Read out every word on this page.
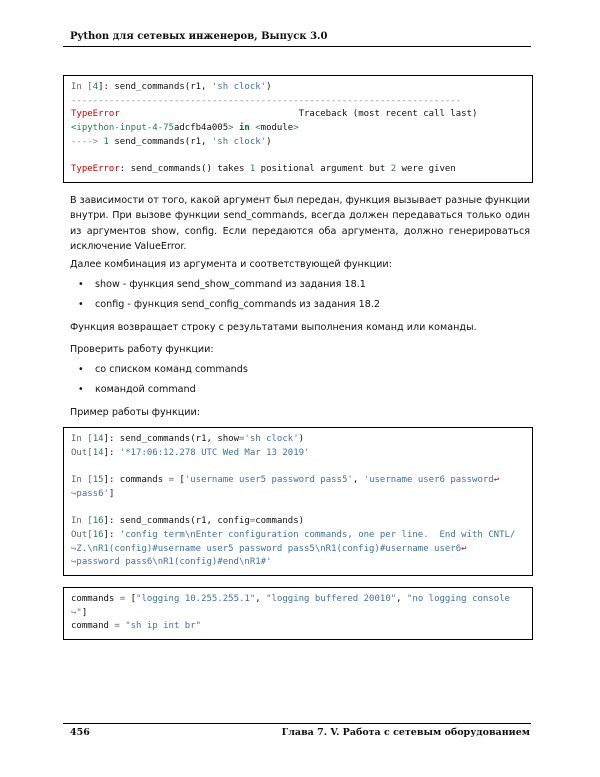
Python для сетевых инженеров, Выпуск 3.0
In [4]: send_commands(r1, 'sh clock')
------------------------------------------------------------------------
TypeError                                 Traceback (most recent call last)
<ipython-input-4-75adcfb4a005> in <module>
----> 1 send_commands(r1, 'sh clock')
TypeError: send_commands() takes 1 positional argument but 2 were given
В зависимости от того, какой аргумент был передан, функция вызывает разные функции внутри. При вызове функции send_commands, всегда должен передаваться только один из аргументов show, config. Если передаются оба аргумента, должно генерироваться исключение ValueError.
Далее комбинация из аргумента и соответствующей функции:
• show - функция send_show_command из задания 18.1
• config - функция send_config_commands из задания 18.2
Функция возвращает строку с результатами выполнения команд или команды.
Проверить работу функции:
• со списком команд commands
• командой command
Пример работы функции:
In [14]: send_commands(r1, show='sh clock')
Out[14]: '*17:06:12.278 UTC Wed Mar 13 2019'
In [15]: commands = ['username user5 password pass5', 'username user6 password↩
↪pass6']
In [16]: send_commands(r1, config=commands)
Out[16]: 'config term\nEnter configuration commands, one per line.  End with CNTL/
↪Z.\nR1(config)#username user5 password pass5\nR1(config)#username user6↩
↪password pass6\nR1(config)#end\nR1#'
commands = ["logging 10.255.255.1", "logging buffered 20010", "no logging console
↪"]
command = "sh ip int br"
456	Глава 7. V. Работа с сетевым оборудованием
